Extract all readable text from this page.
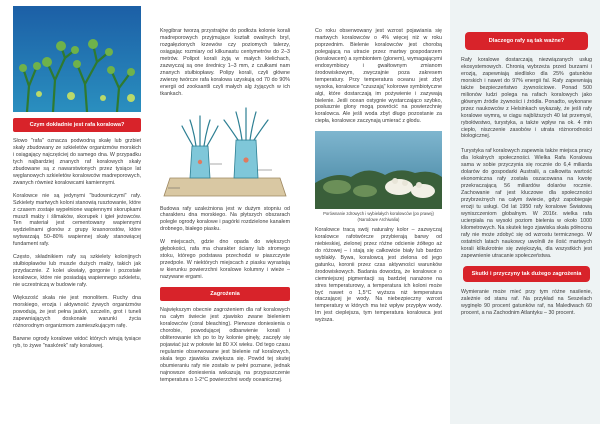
Czym dokładnie jest rafa koralowa?

Słowo "rafa" oznacza podwodną skałę lub grzbiet skały zbudowany ze szkieletów organizmów morskich i osiągający najczęściej do samego dna. W przypadku tych najbardziej znanych raf koralowych skały zbudowane są z nawarstwionych przez tysiące lat węglanowych szkieletów koralowców madreporowych, zwanych również koralowcami kamiennymi.

Koralowce nie są jedynymi "budowniczymi" rafy. Szkielety martwych koloni stanowią rusztowanie, które z czasem zostaje wypełnione wapiennymi skorupkami muszli małży i ślimaków, skorupek i igieł jeżowców. Ten materiał jest cementowany wapiennymi wydzielinami glonów z grupy krasnorostów, które wytwarzają 50–80% wapiennej skały stanowiącej fundament rafy.

Często, składnikiem rafy są szkielety kolonijnych stułbiopławów lub muszle dużych małży, takich jak przydacznie. Z kolei ukwiały, gorgonie i pozostałe koralowce, które nie posiadają wapiennego szkieletu, nie uczestniczą w budowie rafy.

Większość skała nie jest monolitem. Ruchy dna morskiego, erozja i aktywność żywych organizmów powodują, że jest pełna jaskiń, szczelin, grot i tuneli zapewniających doskonałe warunki życia różnorodnym organizmom zamieszkującym rafę.

Barwne ogrody koralowe widoć których wirują tysiące ryb, to żywe "naskórek" rafy koralowej.

Kręgibrar tworzą przystrajów do podłoża kolonie korali madreporowych przyjmujące kształt owalnych bryl, rozgałęzionych krzewów czy poziomych talerzy, osiągając rozmiary od kilkunastu centymetrów do 2–3 metrów. Polipot korali żyją w małych kielichach, zazwyczaj są one średnicy 1–3 mm, z czułkami nam znanych stułbiopławy. Polipy korali, czyli główne zwierzę twórcze rafa koralowa uzyskują od 70 do 90% energii od zooksantli czyli małych alg żyjących w ich tkankach.

Budowa rafy uzależniona jest w dużym stopniu od charakteru dna morskiego. Na płytszych obszarach polegle ogrody koralowe i pagórki rozdzielone kanałem drobnego, białego piasku.

W miejscach, gdzie dno opada do większych głębokości, rafa ma charakter ściany lub stromego stoku, którego podstawa przechodzi w piaszczyste przedpole. W niektórych miejscach z piasku wyrastają w kierunku powierzchni koralowe kolumny i wieże – nazywane ergami.

Zagrożenia

Największym obecnie zagrożeniem dla raf koralowych na całym świecie jest zjawisko zwane bieleniem koralowców (coral bleaching). Pierwsze doniesienia o chorobie, powodującej odbarwienie korali i obliterowanie ich po to by kolonie ginęły, zaczęły się pojawiać już w połowie lat 80 XX wieku. Od tego czasu regularnie obserwowane jest bielenie raf koralowych, skala tego zjawiska zwiększa się. Powód tej skutej obumieraniu rafy nie zostało w pełni poznane, jednak najnowsze doniesienia wskazują na przypuszczenie temperatura o 1-2°C powierzchni wody oceanicznej.

Co roku obserwowany jest wzrost pojawiania się martwych koralowców o 4% więcej niż w roku poprzednim. Bielenie koralowców jest chorobą polegającą na utracie przez martwy gospodarzem (koralowcem) a symbiontem (glonem), wymagającymi endosymbiozy i gwałtownym zmianom środowiskowym, zwyczajnie poza zakresem temperatury. Przy temperatura oceanu jest zbyt wysoka, koralowce "czuszają" kolorowe symbiotyczne algi, które dostarczają im pożywienie i zazywają bielenie. Jeśli ocean ostygnie wystarczająco szybko, posłusznie glony mogą powrócić na powierzchnię koralowca. Ale jeśli woda zbyt długo pozostanie za ciepła, koralowce zaczynają umierać z głodu.

Porównanie zdrowych i wybielałych koralowców (po prawej) (Narodowe Archiwalia)

Koralowce tracą swój naturalny kolor – zazwyczaj koralowce rafotwórcze przybierają barwy od niebieskiej, zielonej przez różne odcienie żółtego aż do różowej – i stają się całkowicie biały lub bardzo wyblakły. Bywa, koralowcą jest zielona od jego gatunku, koronii przez czas aktywności warunków środowiskowych. Badania dowodzą, że koralowce o ciemniejszej pigmentacji są bardziej narażone na stres temperaturowy, a temperatura ich koloni może być nawet o 1,5°C wyższa niż temperatura otaczającej je wody. Na niebezpieczny wzrost temperatury w których ma też wpływ przypływ wody. Im jest cieplejsza, tym temperatura koralowca jest wyższa.

Dlaczego rafy są tak ważne?

Rafy koralowe dostarczają niezwiązanych usług ekosystemowych. Chronią wybrzeża przed burzami i erozją, zapewniają siedlisko dla 25% gatunków morskich i nawet do 97% energii fal. Rafy zapewniają także bezpieczeństwo żywnościowe. Ponad 500 milionów ludzi polega na rafach koralowych jako głównym źródle żywności i źródła. Ponadto, wykonane przez naukowców z Helsinkach wykazały, że jeśli rafy koralowe wymrą, w ciągu najbliższych 40 lat przemysł, rybołówstwo, turystyka, a także wpływ na ok. 4 min ciepło, niszczenie zasobów i utrata różnorodności biologicznej.

Turystyka raf koralowych zapewnia także miejsca pracy dla lokalnych społeczności. Wielka Rafa Koralowa sama w sobie przyczynia się rocznie do 6,4 miliarda dolarów do gospodarki Australii, a całkowita wartość ekonomiczna rafy została oszacowana na kwotę przekraczającą 56 miliardów dolarów rocznie. Zachowanie raf jest kluczowe dla społeczności przybrzeżnych na całym świecie, gdyż zapobiegaje erozji tu usługi. Od lat 1950 rafy koralowe Światową wyniszczeniom globalnym. W 2016r. wielka rafa ucierpiała na wysoki poziom bielenia w około 1000 kilometrowych. Na skutek tego zjawiska skała północna rafy nie może zdobyć się od wzrostu termicznego. W ostatnich latach naukowcy uwolnili że ilość martwych korali kilkukrotnie się zwiększyła, dla wszystkich jest zapewnienie utracanie społeczeństwa.

Skutki i przyczyny tak dużego zagrożenia

Wymieranie może mieć przy tym różne nasilenie, zależnie od stanu raf. Na przykład na Seszelach wyginęło 90 procent gatunków raf, na Malediwach 60 procent, a na Zachodnim Atlantyku – 30 procent.
